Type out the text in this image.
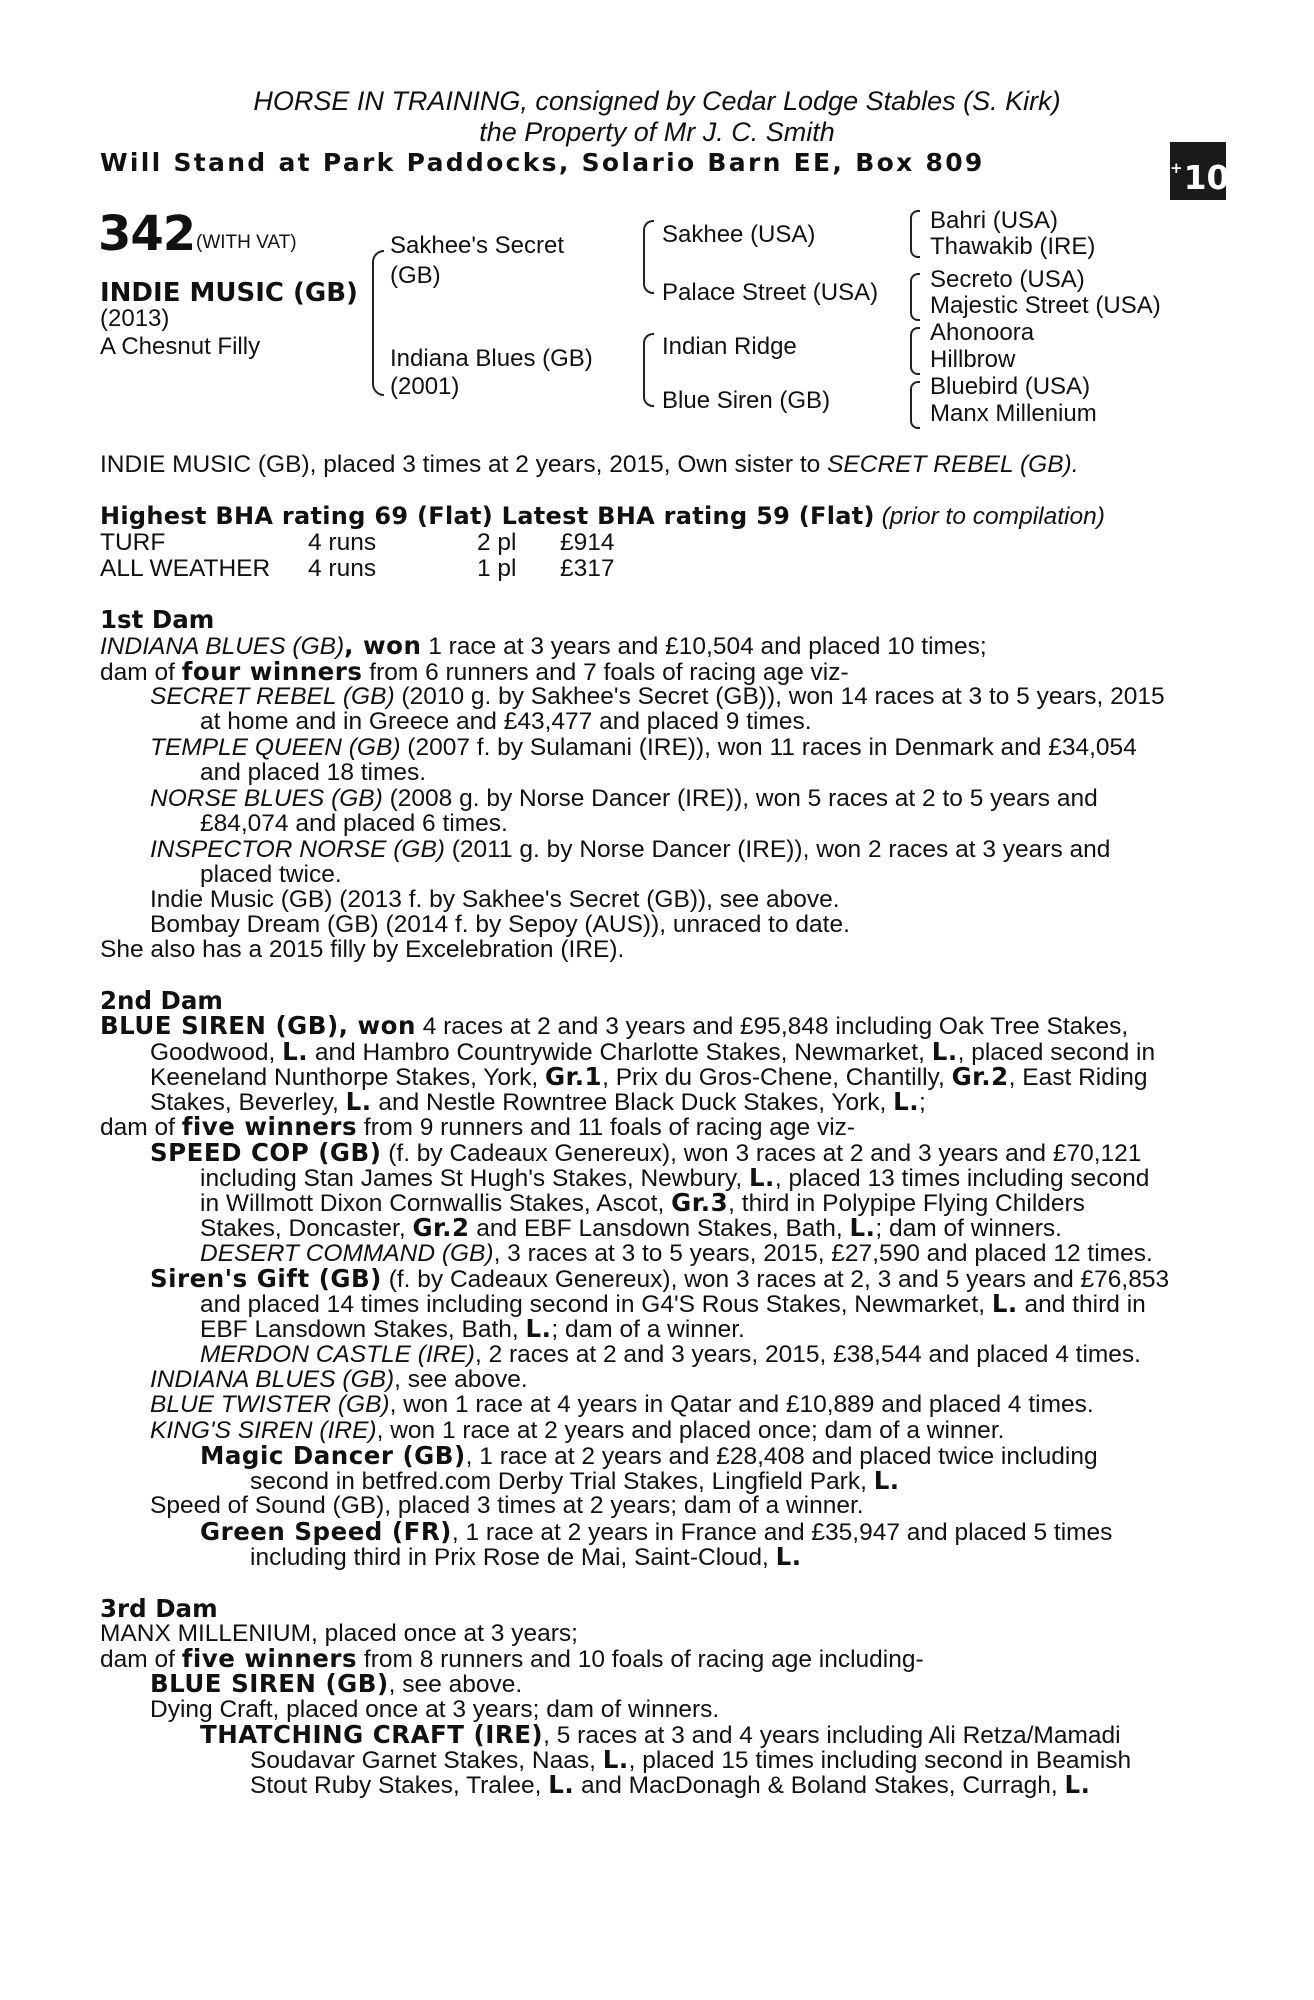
HORSE IN TRAINING, consigned by Cedar Lodge Stables (S. Kirk)
the Property of Mr J. C. Smith
Will Stand at Park Paddocks, Solario Barn EE, Box 809	+10
342 (WITH VAT)
INDIE MUSIC (GB)
(2013)
A Chesnut Filly
Sakhee's Secret
(GB)
Indiana Blues (GB)
(2001)
Sakhee (USA)
Palace Street (USA)
Indian Ridge
Blue Siren (GB)
Bahri (USA)
Thawakib (IRE)
Secreto (USA)
Majestic Street (USA)
Ahonoora
Hillbrow
Bluebird (USA)
Manx Millenium
INDIE MUSIC (GB), placed 3 times at 2 years, 2015, Own sister to SECRET REBEL (GB).
Highest BHA rating 69 (Flat) Latest BHA rating 59 (Flat) (prior to compilation)
TURF	4 runs	2 pl £914
ALL WEATHER 4 runs	1 pl £317
1st Dam
INDIANA BLUES (GB), won 1 race at 3 years and £10,504 and placed 10 times;
dam of four winners from 6 runners and 7 foals of racing age viz-
SECRET REBEL (GB) (2010 g. by Sakhee's Secret (GB)), won 14 races at 3 to 5 years, 2015
at home and in Greece and £43,477 and placed 9 times.
TEMPLE QUEEN (GB) (2007 f. by Sulamani (IRE)), won 11 races in Denmark and £34,054
and placed 18 times.
NORSE BLUES (GB) (2008 g. by Norse Dancer (IRE)), won 5 races at 2 to 5 years and
£84,074 and placed 6 times.
INSPECTOR NORSE (GB) (2011 g. by Norse Dancer (IRE)), won 2 races at 3 years and
placed twice.
Indie Music (GB) (2013 f. by Sakhee's Secret (GB)), see above.
Bombay Dream (GB) (2014 f. by Sepoy (AUS)), unraced to date.
She also has a 2015 filly by Excelebration (IRE).
2nd Dam
BLUE SIREN (GB), won 4 races at 2 and 3 years and £95,848 including Oak Tree Stakes,
Goodwood, L. and Hambro Countrywide Charlotte Stakes, Newmarket, L., placed second in
Keeneland Nunthorpe Stakes, York, Gr.1, Prix du Gros-Chene, Chantilly, Gr.2, East Riding
Stakes, Beverley, L. and Nestle Rowntree Black Duck Stakes, York, L.;
dam of five winners from 9 runners and 11 foals of racing age viz-
SPEED COP (GB) (f. by Cadeaux Genereux), won 3 races at 2 and 3 years and £70,121
including Stan James St Hugh's Stakes, Newbury, L., placed 13 times including second
in Willmott Dixon Cornwallis Stakes, Ascot, Gr.3, third in Polypipe Flying Childers
Stakes, Doncaster, Gr.2 and EBF Lansdown Stakes, Bath, L.; dam of winners.
DESERT COMMAND (GB), 3 races at 3 to 5 years, 2015, £27,590 and placed 12 times.
Siren's Gift (GB) (f. by Cadeaux Genereux), won 3 races at 2, 3 and 5 years and £76,853
and placed 14 times including second in G4'S Rous Stakes, Newmarket, L. and third in
EBF Lansdown Stakes, Bath, L.; dam of a winner.
MERDON CASTLE (IRE), 2 races at 2 and 3 years, 2015, £38,544 and placed 4 times.
INDIANA BLUES (GB), see above.
BLUE TWISTER (GB), won 1 race at 4 years in Qatar and £10,889 and placed 4 times.
KING'S SIREN (IRE), won 1 race at 2 years and placed once; dam of a winner.
Magic Dancer (GB), 1 race at 2 years and £28,408 and placed twice including
second in betfred.com Derby Trial Stakes, Lingfield Park, L.
Speed of Sound (GB), placed 3 times at 2 years; dam of a winner.
Green Speed (FR), 1 race at 2 years in France and £35,947 and placed 5 times
including third in Prix Rose de Mai, Saint-Cloud, L.
3rd Dam
MANX MILLENIUM, placed once at 3 years;
dam of five winners from 8 runners and 10 foals of racing age including-
BLUE SIREN (GB), see above.
Dying Craft, placed once at 3 years; dam of winners.
THATCHING CRAFT (IRE), 5 races at 3 and 4 years including Ali Retza/Mamadi
Soudavar Garnet Stakes, Naas, L., placed 15 times including second in Beamish
Stout Ruby Stakes, Tralee, L. and MacDonagh & Boland Stakes, Curragh, L.
